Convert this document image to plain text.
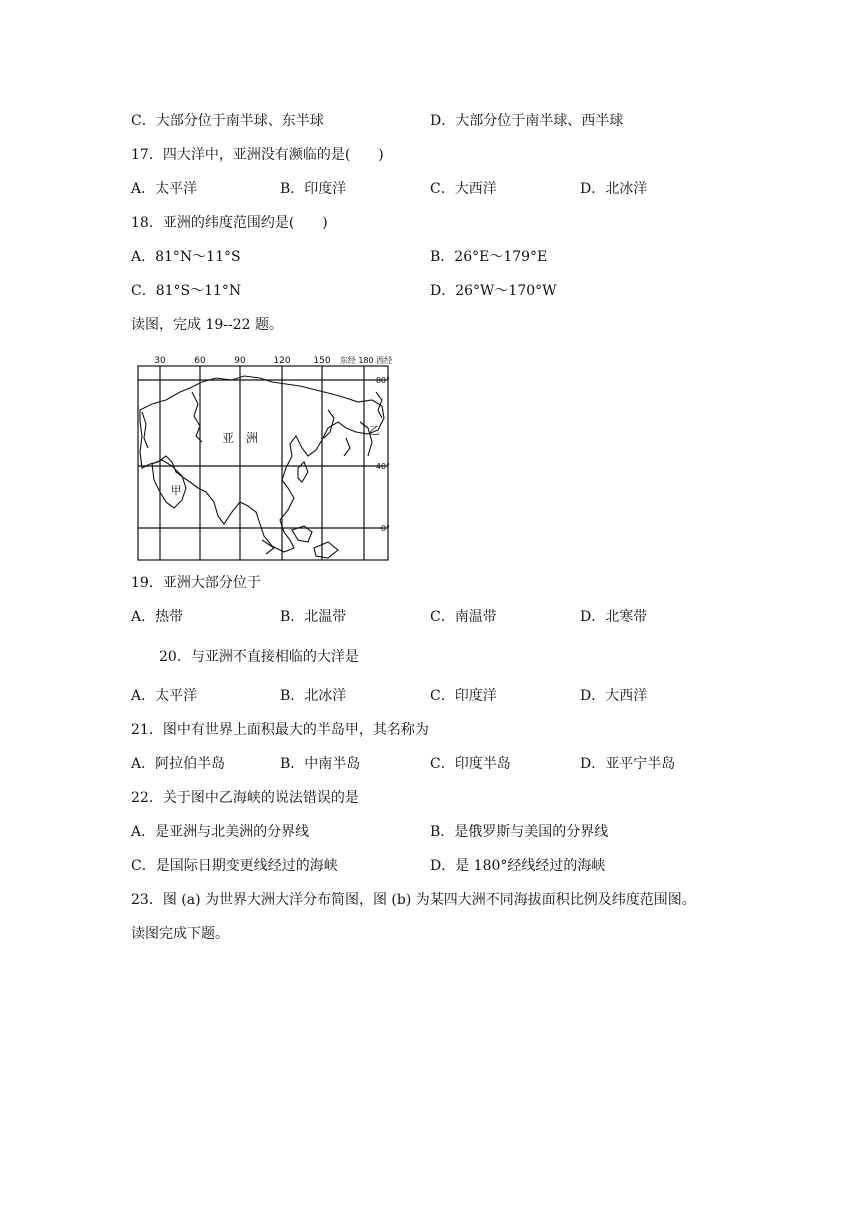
C．大部分位于南半球、东半球	D．大部分位于南半球、西半球
17．四大洋中，亚洲没有濒临的是(　　)
A．太平洋	B．印度洋	C．大西洋	D．北冰洋
18．亚洲的纬度范围约是(　　)
A．81°N～11°S	B．26°E～179°E
C．81°S～11°N	D．26°W～170°W
读图，完成 19--22 题。
30	60	90	120	150 东经 180 西经
80°
40°
0°
亚　洲
甲
乙
19．亚洲大部分位于
A．热带	B．北温带	C．南温带	D．北寒带
20．与亚洲不直接相临的大洋是
A．太平洋	B．北冰洋	C．印度洋	D．大西洋
21．图中有世界上面积最大的半岛甲，其名称为
A．阿拉伯半岛	B．中南半岛	C．印度半岛	D．亚平宁半岛
22．关于图中乙海峡的说法错误的是
A．是亚洲与北美洲的分界线	B．是俄罗斯与美国的分界线
C．是国际日期变更线经过的海峡	D．是 180°经线经过的海峡
23．图 (a) 为世界大洲大洋分布简图，图 (b) 为某四大洲不同海拔面积比例及纬度范围图。
读图完成下题。
